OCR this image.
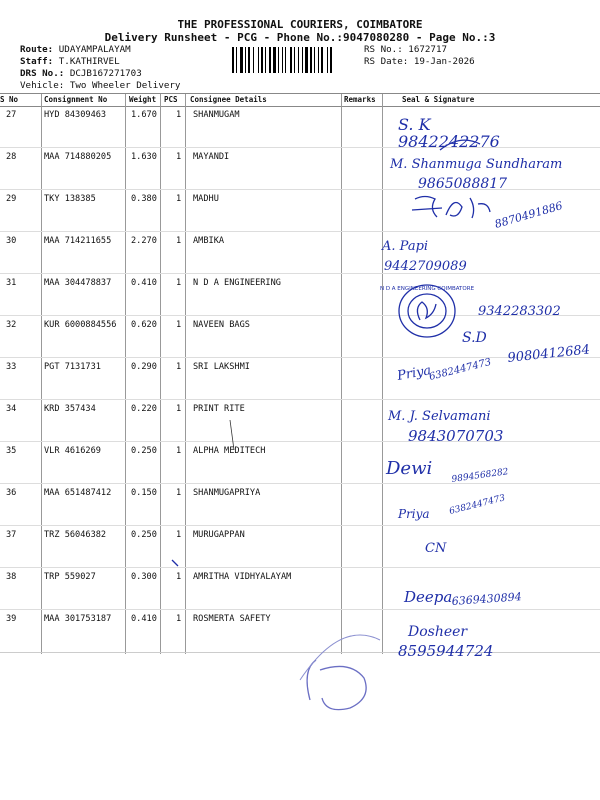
THE PROFESSIONAL COURIERS, COIMBATORE
Delivery Runsheet - PCG - Phone No.:9047080280 - Page No.:3
Route: UDAYAMPALAYAM
Staff: T.KATHIRVEL
DRS No.: DCJB167271703
Vehicle: Two Wheeler Delivery
RS No.: 1672717
RS Date: 19-Jan-2026
S No	Consignment No	Weight PCS Consignee Details	Remarks	Seal & Signature
27	HYD 84309463	1.670 1 SHANMUGAM
28	MAA 714880205 1.630 1 MAYANDI
29	TKY 138385	0.380 1 MADHU
30	MAA 714211655 2.270 1 AMBIKA
31	MAA 304478837 0.410 1 N D A ENGINEERING
32	KUR 6000884556 0.620 1 NAVEEN BAGS
33	PGT 7131731	0.290 1 SRI LAKSHMI
34	KRD 357434	0.220 1 PRINT RITE
35	VLR 4616269	0.250 1 ALPHA MEDITECH
36	MAA 651487412 0.150 1 SHANMUGAPRIYA
37	TRZ 56046382	0.250 1 MURUGAPPAN
38	TRP 559027	0.300 1 AMRITHA VIDHYALAYAM
39	MAA 301753187 0.410 1 ROSMERTA SAFETY
S. K
9842242276
M. Shanmuga Sundharam
9865088817
8870491886
A. Papi
9442709089
9342283302
S.D
9080412684
Priya
6382447473
M. J. Selvamani
9843070703
Dewi 9894568282
Priya 6382447473
CN
Deepa
6369430894
Dosheer
8595944724
N D A ENGINEERING COIMBATORE
